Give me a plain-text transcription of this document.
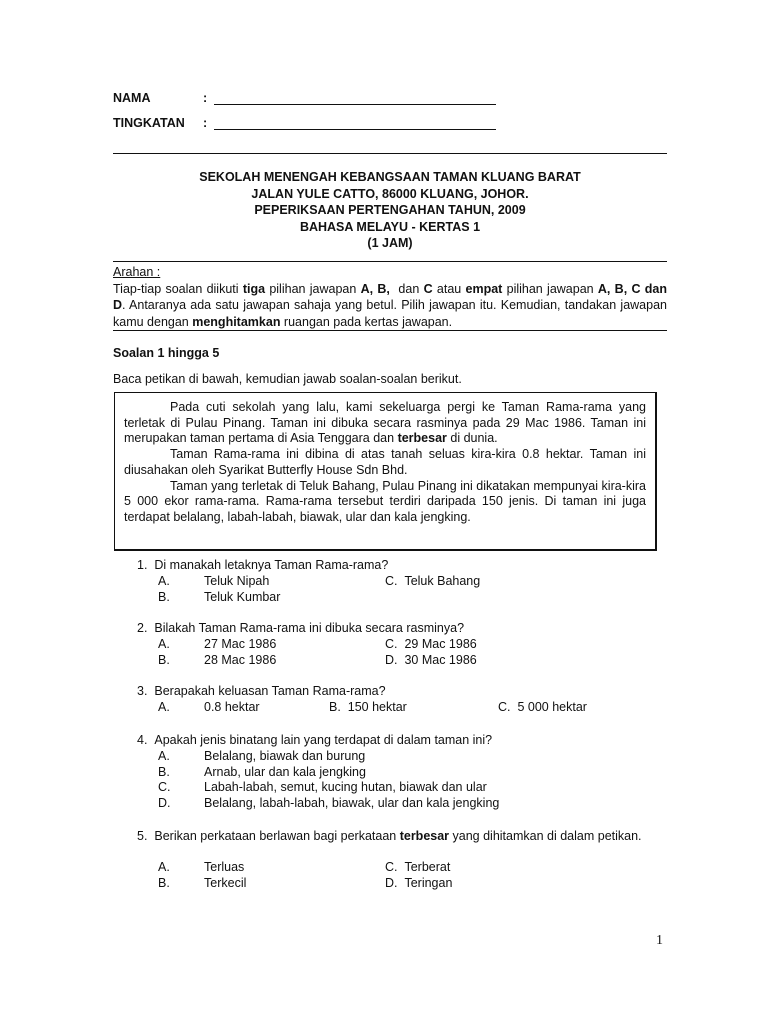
NAMA	:
TINGKATAN :
SEKOLAH MENENGAH KEBANGSAAN TAMAN KLUANG BARAT
JALAN YULE CATTO, 86000 KLUANG, JOHOR.
PEPERIKSAAN PERTENGAHAN TAHUN, 2009
BAHASA MELAYU - KERTAS 1
(1 JAM)
Arahan :
Tiap-tiap soalan diikuti tiga pilihan jawapan A, B,  dan C atau empat pilihan jawapan A, B, C dan D. Antaranya ada satu jawapan sahaja yang betul. Pilih jawapan itu. Kemudian, tandakan jawapan kamu dengan menghitamkan ruangan pada kertas jawapan.
Soalan 1 hingga 5
Baca petikan di bawah, kemudian jawab soalan-soalan berikut.

Pada cuti sekolah yang lalu, kami sekeluarga pergi ke Taman Rama-rama yang terletak di Pulau Pinang. Taman ini dibuka secara rasminya pada 29 Mac 1986. Taman ini merupakan taman pertama di Asia Tenggara dan terbesar di dunia.

Taman Rama-rama ini dibina di atas tanah seluas kira-kira 0.8 hektar. Taman ini diusahakan oleh Syarikat Butterfly House Sdn Bhd.

Taman yang terletak di Teluk Bahang, Pulau Pinang ini dikatakan mempunyai kira-kira 5 000 ekor rama-rama. Rama-rama tersebut terdiri daripada 150 jenis. Di taman ini juga terdapat belalang, labah-labah, biawak, ular dan kala jengking.

1. Di manakah letaknya Taman Rama-rama?
A.	Teluk Nipah	C. Teluk Bahang
B.	Teluk Kumbar
2. Bilakah Taman Rama-rama ini dibuka secara rasminya?
A.	27 Mac 1986	C. 29 Mac 1986
B.	28 Mac 1986	D. 30 Mac 1986
3. Berapakah keluasan Taman Rama-rama?
A.	0.8 hektar	B. 150 hektar	C. 5 000 hektar
4. Apakah jenis binatang lain yang terdapat di dalam taman ini?
A.	Belalang, biawak dan burung
B.	Arnab, ular dan kala jengking
C.	Labah-labah, semut, kucing hutan, biawak dan ular
D.	Belalang, labah-labah, biawak, ular dan kala jengking
5. Berikan perkataan berlawan bagi perkataan terbesar yang dihitamkan di dalam petikan.
A.	Terluas	C. Terberat
B.	Terkecil	D. Teringan
1
